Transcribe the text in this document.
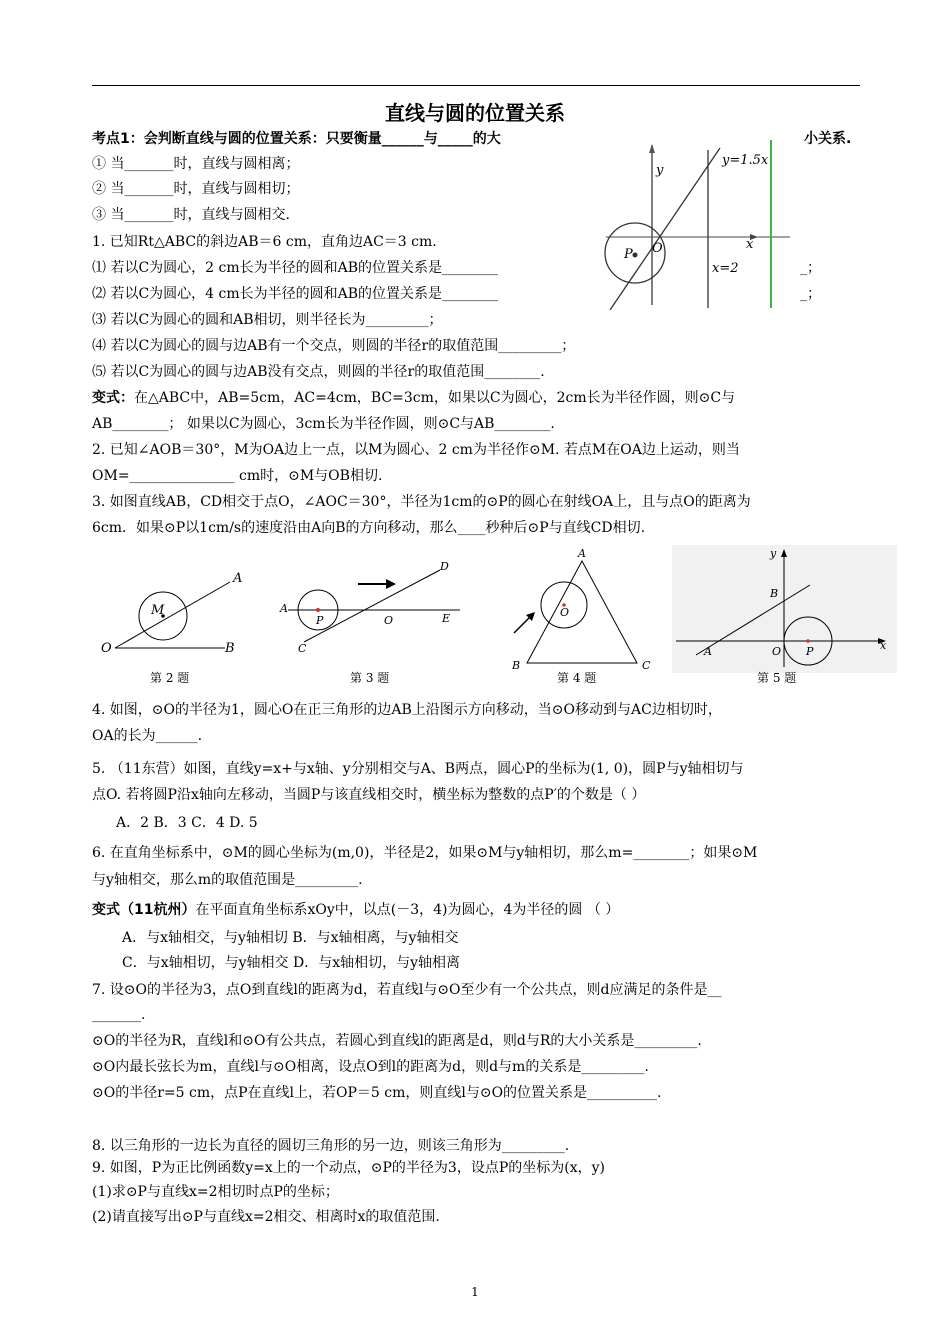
直线与圆的位置关系
考点1：会判断直线与圆的位置关系：只要衡量______与_____的大	小关系.
① 当_______时，直线与圆相离；
② 当_______时，直线与圆相切；
③ 当_______时，直线与圆相交.
1. 已知Rt△ABC的斜边AB＝6 cm，直角边AC＝3 cm.
⑴ 若以C为圆心，2 cm长为半径的圆和AB的位置关系是________	_；
⑵ 若以C为圆心，4 cm长为半径的圆和AB的位置关系是________	_；
⑶ 若以C为圆心的圆和AB相切，则半径长为_________；
⑷ 若以C为圆心的圆与边AB有一个交点，则圆的半径r的取值范围_________；
⑸ 若以C为圆心的圆与边AB没有交点，则圆的半径r的取值范围________.
变式：在△ABC中，AB=5cm，AC=4cm，BC=3cm，如果以C为圆心，2cm长为半径作圆，则⊙C与
AB________； 如果以C为圆心，3cm长为半径作圆，则⊙C与AB________.
2. 已知∠AOB＝30°，M为OA边上一点，以M为圆心、2 cm为半径作⊙M. 若点M在OA边上运动，则当
OM=_______________ cm时，⊙M与OB相切.
3. 如图直线AB，CD相交于点O，∠AOC＝30°，半径为1cm的⊙P的圆心在射线OA上，且与点O的距离为
6cm．如果⊙P以1cm/s的速度沿由A向B的方向移动，那么____秒种后⊙P与直线CD相切.
y=1.5x
y
x
O
P
x=2
M
A
O	B
第 2 题
D
A
P	O	E
C
第 3 题
A
O
B	C
第 4 题
y
B
x
A	O P
第 5 题
4. 如图，⊙O的半径为1，圆心O在正三角形的边AB上沿图示方向移动，当⊙O移动到与AC边相切时，
OA的长为______.
5. （11东营）如图，直线y=x+与x轴、y分别相交与A、B两点，圆心P的坐标为(1, 0)，圆P与y轴相切与
点O. 若将圆P沿x轴向左移动，当圆P与该直线相交时，横坐标为整数的点P′的个数是（ ）
A．2 B．3 C．4 D. 5
6. 在直角坐标系中，⊙M的圆心坐标为(m,0)，半径是2，如果⊙M与y轴相切，那么m=________；如果⊙M
与y轴相交，那么m的取值范围是_________.
变式（11杭州）在平面直角坐标系xOy中，以点(－3，4)为圆心，4为半径的圆 （ ）
A．与x轴相交，与y轴相切 B．与x轴相离，与y轴相交
C．与x轴相切，与y轴相交 D．与x轴相切，与y轴相离
7. 设⊙O的半径为3，点O到直线l的距离为d，若直线l与⊙O至少有一个公共点，则d应满足的条件是__
_______.
⊙O的半径为R，直线l和⊙O有公共点，若圆心到直线l的距离是d，则d与R的大小关系是_________.
⊙O内最长弦长为m，直线l与⊙O相离，设点O到l的距离为d，则d与m的关系是_________.
⊙O的半径r=5 cm，点P在直线l上，若OP＝5 cm，则直线l与⊙O的位置关系是__________.
8. 以三角形的一边长为直径的圆切三角形的另一边，则该三角形为_________.
9. 如图，P为正比例函数y=x上的一个动点，⊙P的半径为3，设点P的坐标为(x，y)
(1)求⊙P与直线x=2相切时点P的坐标；
(2)请直接写出⊙P与直线x=2相交、相离时x的取值范围.
1
